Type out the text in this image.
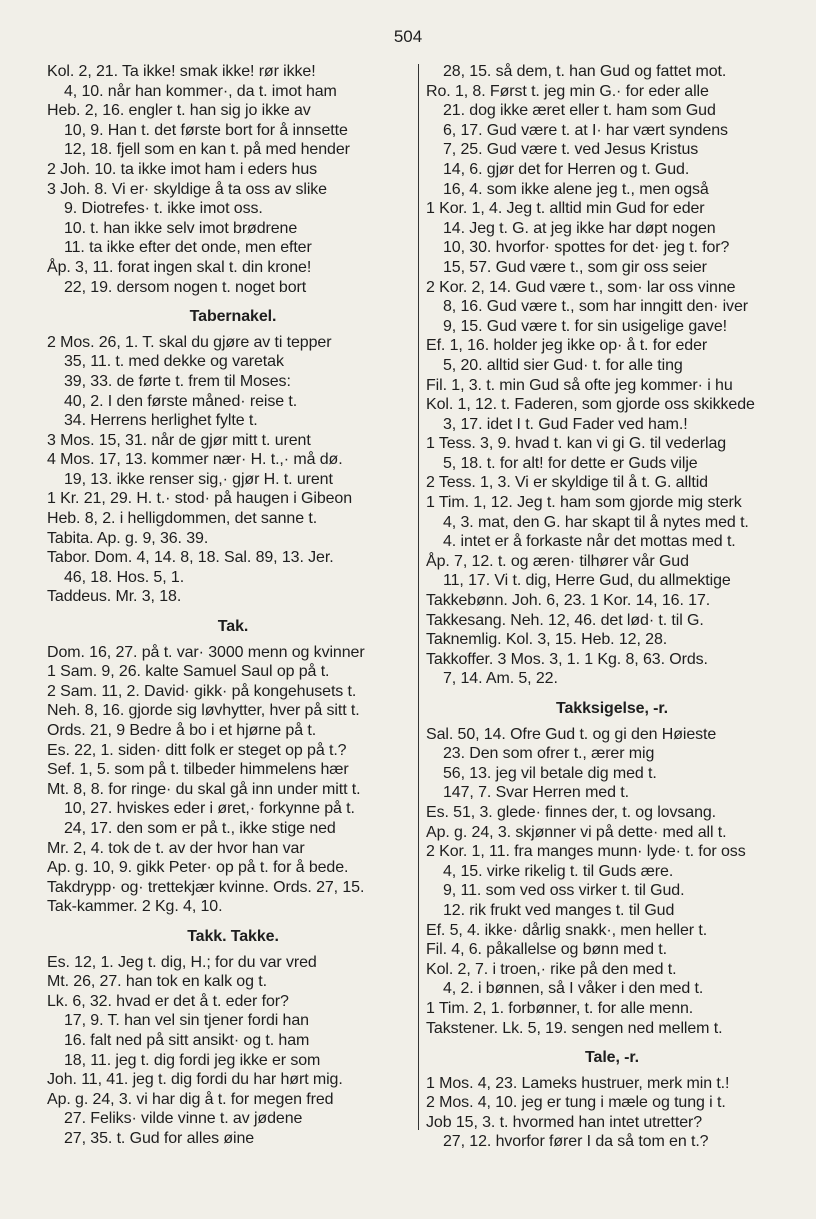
504
Kol. 2, 21. Ta ikke! smak ikke! rør ikke!
4, 10. når han kommer·, da t. imot ham
Heb. 2, 16. engler t. han sig jo ikke av
10, 9. Han t. det første bort for å innsette
12, 18. fjell som en kan t. på med hender
2 Joh. 10. ta ikke imot ham i eders hus
3 Joh. 8. Vi er· skyldige å ta oss av slike
9. Diotrefes· t. ikke imot oss.
10. t. han ikke selv imot brødrene
11. ta ikke efter det onde, men efter
Åp. 3, 11. forat ingen skal t. din krone!
22, 19. dersom nogen t. noget bort
Tabernakel.
2 Mos. 26, 1. T. skal du gjøre av ti tepper
35, 11. t. med dekke og varetak
39, 33. de førte t. frem til Moses:
40, 2. I den første måned· reise t.
34. Herrens herlighet fylte t.
3 Mos. 15, 31. når de gjør mitt t. urent
4 Mos. 17, 13. kommer nær· H. t.,· må dø.
19, 13. ikke renser sig,· gjør H. t. urent
1 Kr. 21, 29. H. t.· stod· på haugen i Gibeon
Heb. 8, 2. i helligdommen, det sanne t.
Tabita. Ap. g. 9, 36. 39.
Tabor. Dom. 4, 14. 8, 18. Sal. 89, 13. Jer.
46, 18. Hos. 5, 1.
Taddeus. Mr. 3, 18.
Tak.
Dom. 16, 27. på t. var· 3000 menn og kvinner
1 Sam. 9, 26. kalte Samuel Saul op på t.
2 Sam. 11, 2. David· gikk· på kongehusets t.
Neh. 8, 16. gjorde sig løvhytter, hver på sitt t.
Ords. 21, 9 Bedre å bo i et hjørne på t.
Es. 22, 1. siden· ditt folk er steget op på t.?
Sef. 1, 5. som på t. tilbeder himmelens hær
Mt. 8, 8. for ringe· du skal gå inn under mitt t.
10, 27. hviskes eder i øret,· forkynne på t.
24, 17. den som er på t., ikke stige ned
Mr. 2, 4. tok de t. av der hvor han var
Ap. g. 10, 9. gikk Peter· op på t. for å bede.
Takdrypp· og· trettekjær kvinne. Ords. 27, 15.
Tak-kammer. 2 Kg. 4, 10.
Takk. Takke.
Es. 12, 1. Jeg t. dig, H.; for du var vred
Mt. 26, 27. han tok en kalk og t.
Lk. 6, 32. hvad er det å t. eder for?
17, 9. T. han vel sin tjener fordi han
16. falt ned på sitt ansikt· og t. ham
18, 11. jeg t. dig fordi jeg ikke er som
Joh. 11, 41. jeg t. dig fordi du har hørt mig.
Ap. g. 24, 3. vi har dig å t. for megen fred
27. Feliks· vilde vinne t. av jødene
27, 35. t. Gud for alles øine
28, 15. så dem, t. han Gud og fattet mot.
Ro. 1, 8. Først t. jeg min G.· for eder alle
21. dog ikke æret eller t. ham som Gud
6, 17. Gud være t. at I· har vært syndens
7, 25. Gud være t. ved Jesus Kristus
14, 6. gjør det for Herren og t. Gud.
16, 4. som ikke alene jeg t., men også
1 Kor. 1, 4. Jeg t. alltid min Gud for eder
14. Jeg t. G. at jeg ikke har døpt nogen
10, 30. hvorfor· spottes for det· jeg t. for?
15, 57. Gud være t., som gir oss seier
2 Kor. 2, 14. Gud være t., som· lar oss vinne
8, 16. Gud være t., som har inngitt den· iver
9, 15. Gud være t. for sin usigelige gave!
Ef. 1, 16. holder jeg ikke op· å t. for eder
5, 20. alltid sier Gud· t. for alle ting
Fil. 1, 3. t. min Gud så ofte jeg kommer· i hu
Kol. 1, 12. t. Faderen, som gjorde oss skikkede
3, 17. idet I t. Gud Fader ved ham.!
1 Tess. 3, 9. hvad t. kan vi gi G. til vederlag
5, 18. t. for alt! for dette er Guds vilje
2 Tess. 1, 3. Vi er skyldige til å t. G. alltid
1 Tim. 1, 12. Jeg t. ham som gjorde mig sterk
4, 3. mat, den G. har skapt til å nytes med t.
4. intet er å forkaste når det mottas med t.
Åp. 7, 12. t. og æren· tilhører vår Gud
11, 17. Vi t. dig, Herre Gud, du allmektige
Takkebønn. Joh. 6, 23. 1 Kor. 14, 16. 17.
Takkesang. Neh. 12, 46. det lød· t. til G.
Taknemlig. Kol. 3, 15. Heb. 12, 28.
Takkoffer. 3 Mos. 3, 1. 1 Kg. 8, 63. Ords.
7, 14. Am. 5, 22.
Takksigelse, -r.
Sal. 50, 14. Ofre Gud t. og gi den Høieste
23. Den som ofrer t., ærer mig
56, 13. jeg vil betale dig med t.
147, 7. Svar Herren med t.
Es. 51, 3. glede· finnes der, t. og lovsang.
Ap. g. 24, 3. skjønner vi på dette· med all t.
2 Kor. 1, 11. fra manges munn· lyde· t. for oss
4, 15. virke rikelig t. til Guds ære.
9, 11. som ved oss virker t. til Gud.
12. rik frukt ved manges t. til Gud
Ef. 5, 4. ikke· dårlig snakk·, men heller t.
Fil. 4, 6. påkallelse og bønn med t.
Kol. 2, 7. i troen,· rike på den med t.
4, 2. i bønnen, så I våker i den med t.
1 Tim. 2, 1. forbønner, t. for alle menn.
Takstener. Lk. 5, 19. sengen ned mellem t.
Tale, -r.
1 Mos. 4, 23. Lameks hustruer, merk min t.!
2 Mos. 4, 10. jeg er tung i mæle og tung i t.
Job 15, 3. t. hvormed han intet utretter?
27, 12. hvorfor fører I da så tom en t.?
